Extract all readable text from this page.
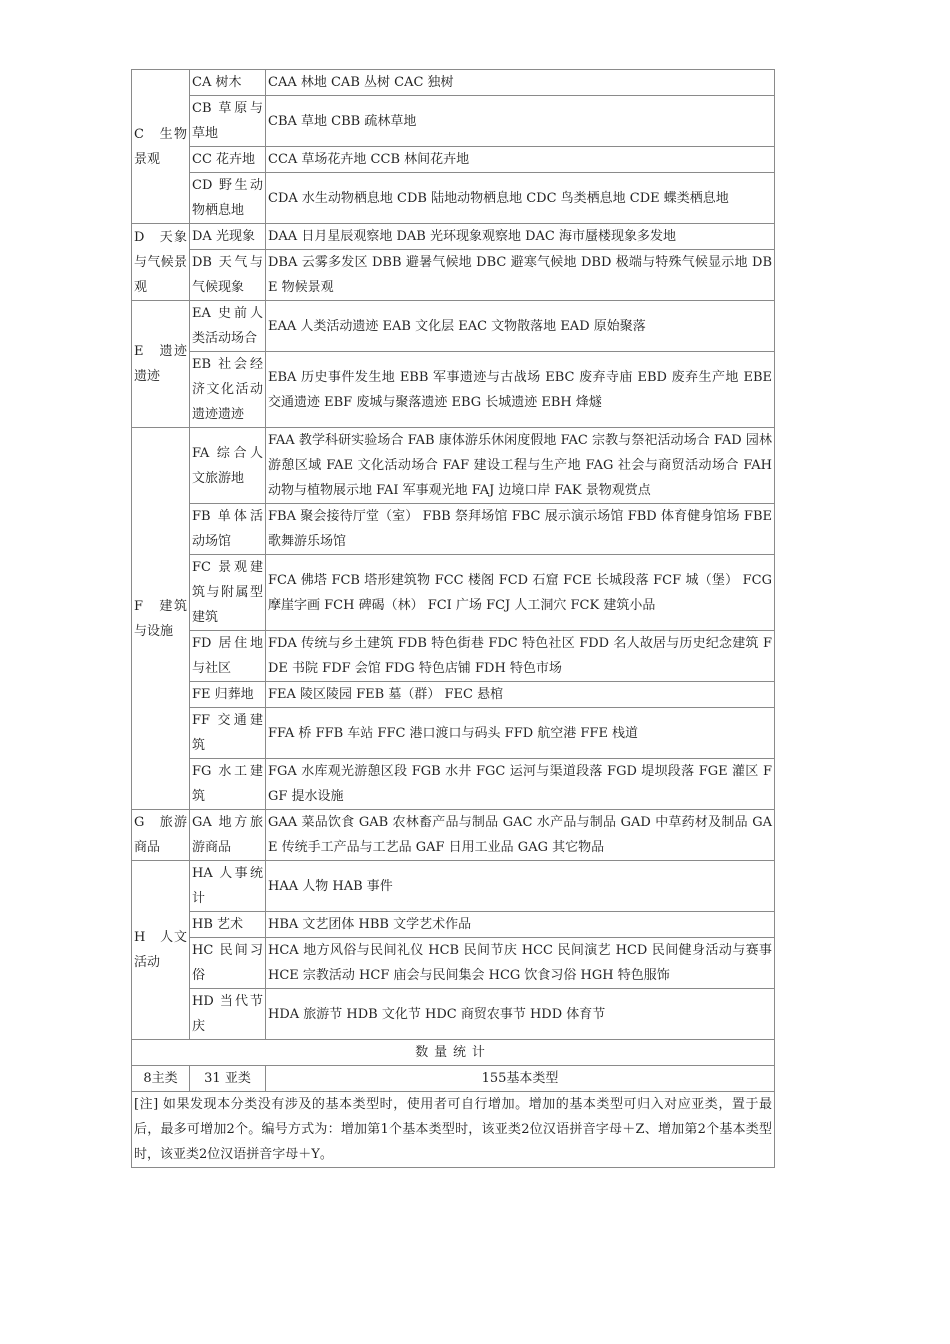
C　生物景观	CA 树木	CAA 林地 CAB 丛树 CAC 独树
	CB 草原与草地	CBA 草地 CBB 疏林草地
	CC 花卉地	CCA 草场花卉地 CCB 林间花卉地
	CD 野生动物栖息地	CDA 水生动物栖息地 CDB 陆地动物栖息地 CDC 鸟类栖息地 CDE 蝶类栖息地
D　天象与气候景观	DA 光现象	DAA 日月星辰观察地 DAB 光环现象观察地 DAC 海市蜃楼现象多发地
	DB 天气与气候现象	DBA 云雾多发区 DBB 避暑气候地 DBC 避寒气候地 DBD 极端与特殊气候显示地 DBE 物候景观
E　遗迹遗迹	EA 史前人类活动场合	EAA 人类活动遗迹 EAB 文化层 EAC 文物散落地 EAD 原始聚落
	EB 社会经济文化活动遗迹遗迹	EBA 历史事件发生地 EBB 军事遗迹与古战场 EBC 废弃寺庙 EBD 废弃生产地 EBE 交通遗迹 EBF 废城与聚落遗迹 EBG 长城遗迹 EBH 烽燧
F　建筑与设施	FA 综合人文旅游地	FAA 教学科研实验场合 FAB 康体游乐休闲度假地 FAC 宗教与祭祀活动场合 FAD 园林游憩区域 FAE 文化活动场合 FAF 建设工程与生产地 FAG 社会与商贸活动场合 FAH 动物与植物展示地 FAI 军事观光地 FAJ 边境口岸 FAK 景物观赏点
	FB 单体活动场馆	FBA 聚会接待厅堂（室） FBB 祭拜场馆 FBC 展示演示场馆 FBD 体育健身馆场 FBE 歌舞游乐场馆
	FC 景观建筑与附属型建筑	FCA 佛塔 FCB 塔形建筑物 FCC 楼阁 FCD 石窟 FCE 长城段落 FCF 城（堡） FCG 摩崖字画 FCH 碑碣（林） FCI 广场 FCJ 人工洞穴 FCK 建筑小品
	FD 居住地与社区	FDA 传统与乡土建筑 FDB 特色街巷 FDC 特色社区 FDD 名人故居与历史纪念建筑 FDE 书院 FDF 会馆 FDG 特色店铺 FDH 特色市场
	FE 归葬地	FEA 陵区陵园 FEB 墓（群） FEC 悬棺
	FF 交通建筑	FFA 桥 FFB 车站 FFC 港口渡口与码头 FFD 航空港 FFE 栈道
	FG 水工建筑	FGA 水库观光游憩区段 FGB 水井 FGC 运河与渠道段落 FGD 堤坝段落 FGE 灌区 FGF 提水设施
G　旅游商品	GA 地方旅游商品	GAA 菜品饮食 GAB 农林畜产品与制品 GAC 水产品与制品 GAD 中草药材及制品 GAE 传统手工产品与工艺品 GAF 日用工业品 GAG 其它物品
H　人文活动	HA 人事统计	HAA 人物 HAB 事件
	HB 艺术	HBA 文艺团体 HBB 文学艺术作品
	HC 民间习俗	HCA 地方风俗与民间礼仪 HCB 民间节庆 HCC 民间演艺 HCD 民间健身活动与赛事 HCE 宗教活动 HCF 庙会与民间集会 HCG 饮食习俗 HGH 特色服饰
	HD 当代节庆	HDA 旅游节 HDB 文化节 HDC 商贸农事节 HDD 体育节
数量统计		
8主类	31 亚类	155基本类型
[注] 如果发现本分类没有涉及的基本类型时，使用者可自行增加。增加的基本类型可归入对应亚类，置于最后，最多可增加2个。编号方式为：增加第1个基本类型时，该亚类2位汉语拼音字母＋Z、增加第2个基本类型时，该亚类2位汉语拼音字母＋Y。		
